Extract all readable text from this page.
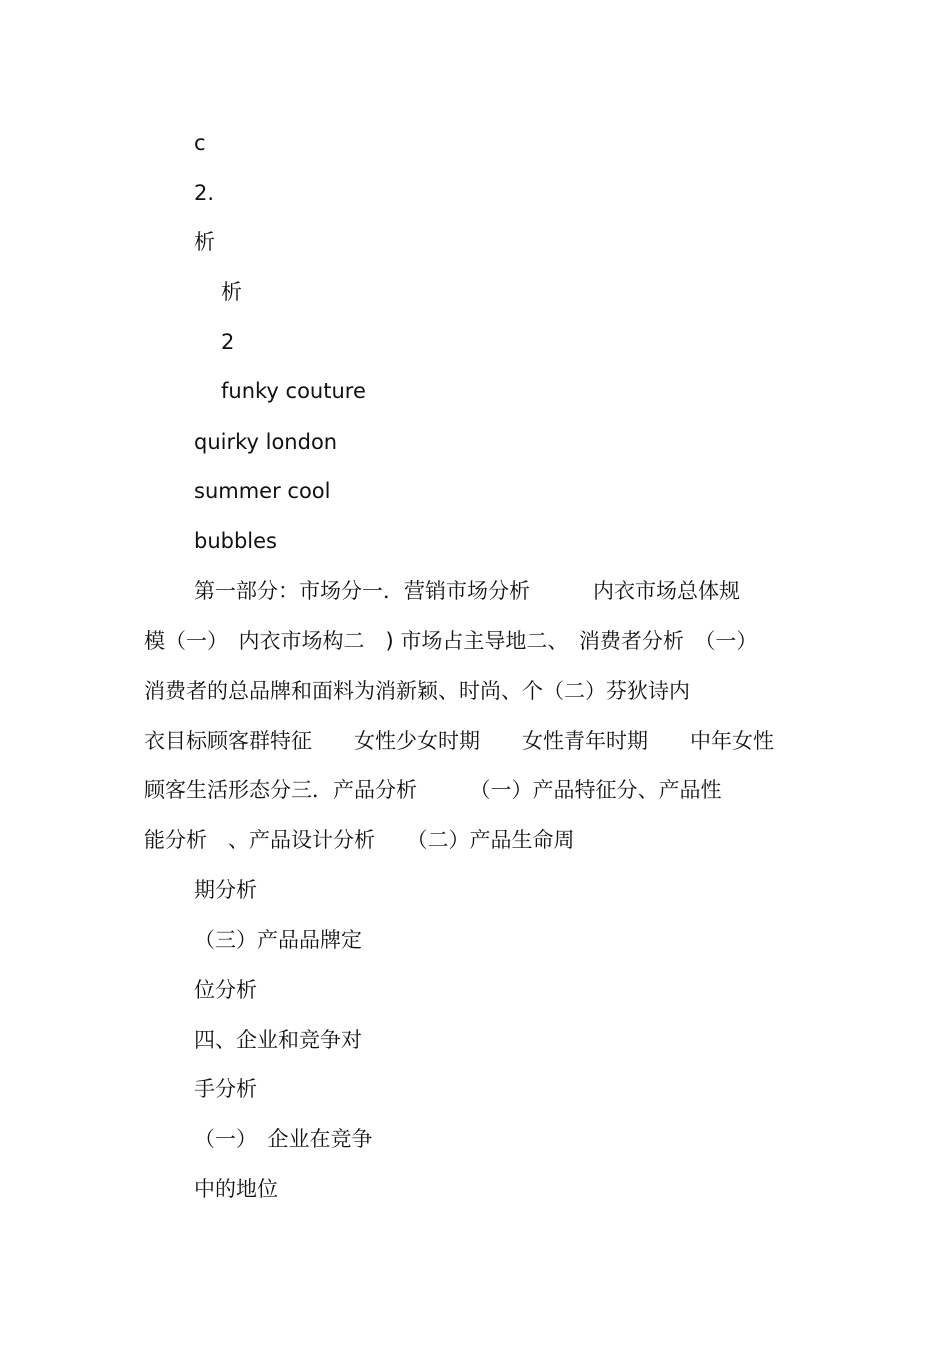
c

2.

析

析

2

funky couture

quirky london

summer cool

bubbles

第一部分：市场分一．营销市场分析　　　内衣市场总体规

模（一）　内衣市场构二　) 市场占主导地二、　消费者分析　（一）

消费者的总品牌和面料为消新颖、时尚、个（二）芬狄诗内

衣目标顾客群特征　　女性少女时期　　女性青年时期　　中年女性

顾客生活形态分三．产品分析　　　（一）产品特征分、产品性

能分析　、产品设计分析　　（二）产品生命周

期分析

（三）产品品牌定

位分析

四、企业和竞争对

手分析

（一）　企业在竞争

中的地位
